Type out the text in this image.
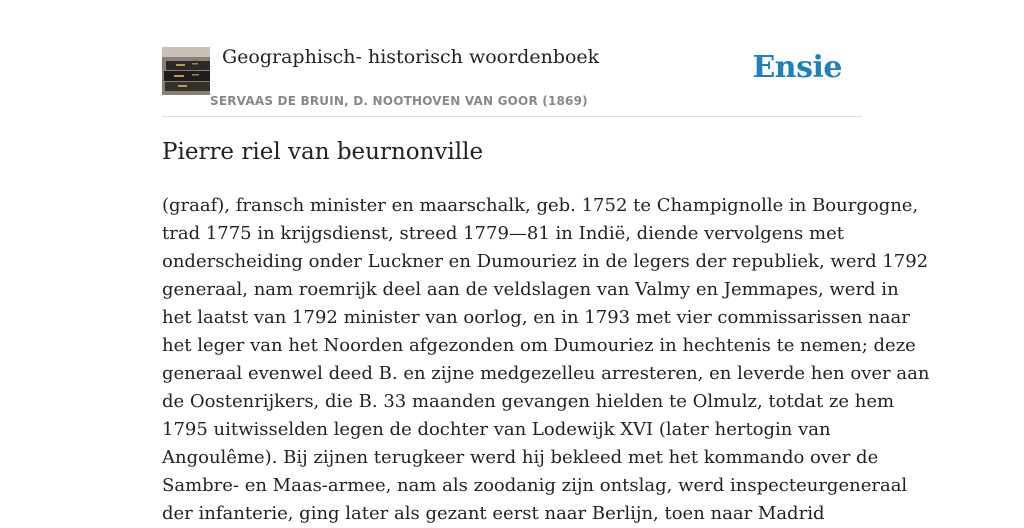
Geographisch- historisch woordenboek
SERVAAS DE BRUIN, D. NOOTHOVEN VAN GOOR (1869)
Ensie
Pierre riel van beurnonville

(graaf), fransch minister en maarschalk, geb. 1752 te Champignolle in Bourgogne,
trad 1775 in krijgsdienst, streed 1779—81 in Indië, diende vervolgens met
onderscheiding onder Luckner en Dumouriez in de legers der republiek, werd 1792
generaal, nam roemrijk deel aan de veldslagen van Valmy en Jemmapes, werd in
het laatst van 1792 minister van oorlog, en in 1793 met vier commissarissen naar
het leger van het Noorden afgezonden om Dumouriez in hechtenis te nemen; deze
generaal evenwel deed B. en zijne medgezelleu arresteren, en leverde hen over aan
de Oostenrijkers, die B. 33 maanden gevangen hielden te Olmulz, totdat ze hem
1795 uitwisselden legen de dochter van Lodewijk XVI (later hertogin van
Angoulême). Bij zijnen terugkeer werd hij bekleed met het kommando over de
Sambre- en Maas-armee, nam als zoodanig zijn ontslag, werd inspecteurgeneraal
der infanterie, ging later als gezant eerst naar Berlijn, toen naar Madrid
